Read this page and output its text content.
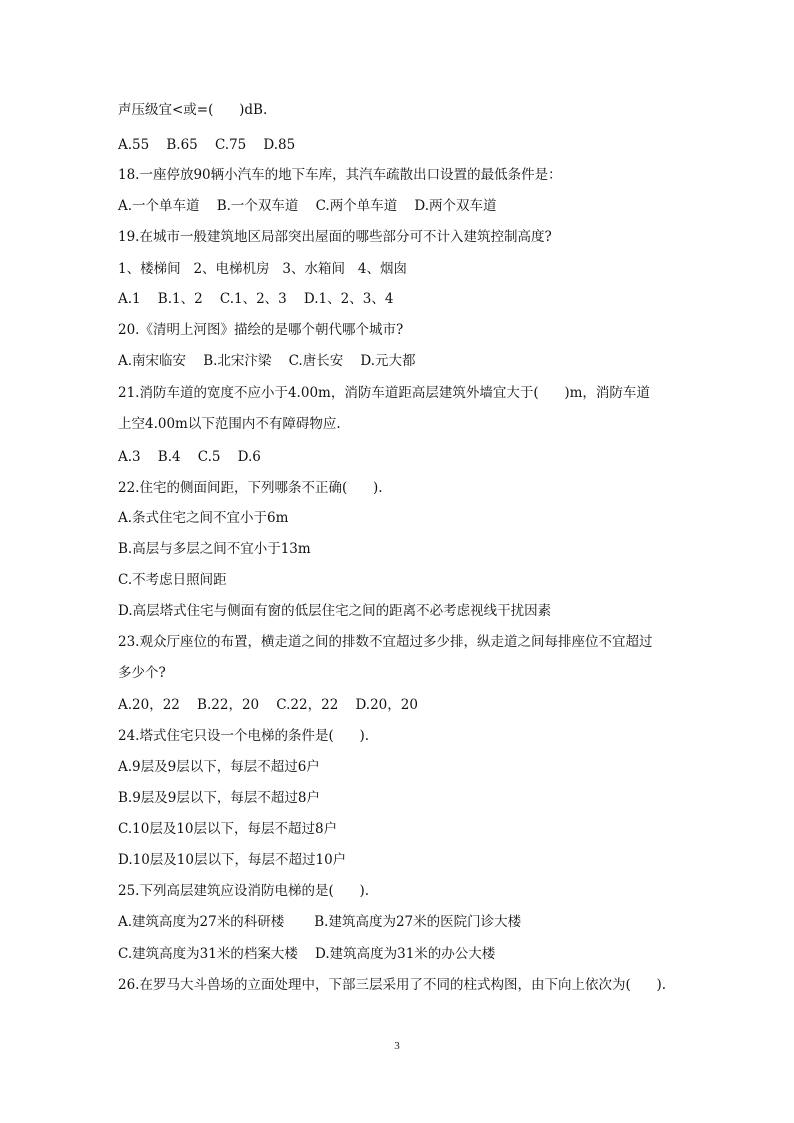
声压级宜<或=(      )dB.

A.55    B.65    C.75    D.85

18.一座停放90辆小汽车的地下车库，其汽车疏散出口设置的最低条件是：

A.一个单车道    B.一个双车道    C.两个单车道    D.两个双车道

19.在城市一般建筑地区局部突出屋面的哪些部分可不计入建筑控制高度?

1、楼梯间   2、电梯机房   3、水箱间   4、烟囱

A.1    B.1、2    C.1、2、3    D.1、2、3、4

20.《清明上河图》描绘的是哪个朝代哪个城市?

A.南宋临安    B.北宋汴梁    C.唐长安    D.元大都

21.消防车道的宽度不应小于4.00m，消防车道距高层建筑外墙宜大于(      )m，消防车道

上空4.00m以下范围内不有障碍物应.

A.3    B.4    C.5    D.6

22.住宅的侧面间距，下列哪条不正确(      ).

A.条式住宅之间不宜小于6m

B.高层与多层之间不宜小于13m

C.不考虑日照间距

D.高层塔式住宅与侧面有窗的低层住宅之间的距离不必考虑视线干扰因素

23.观众厅座位的布置，横走道之间的排数不宜超过多少排，纵走道之间每排座位不宜超过

多少个?

A.20，22    B.22，20    C.22，22    D.20，20

24.塔式住宅只设一个电梯的条件是(      ).

A.9层及9层以下，每层不超过6户

B.9层及9层以下，每层不超过8户

C.10层及10层以下，每层不超过8户

D.10层及10层以下，每层不超过10户

25.下列高层建筑应设消防电梯的是(      ).

A.建筑高度为27米的科研楼       B.建筑高度为27米的医院门诊大楼

C.建筑高度为31米的档案大楼    D.建筑高度为31米的办公大楼

26.在罗马大斗兽场的立面处理中，下部三层采用了不同的柱式构图，由下向上依次为(      ).

3
